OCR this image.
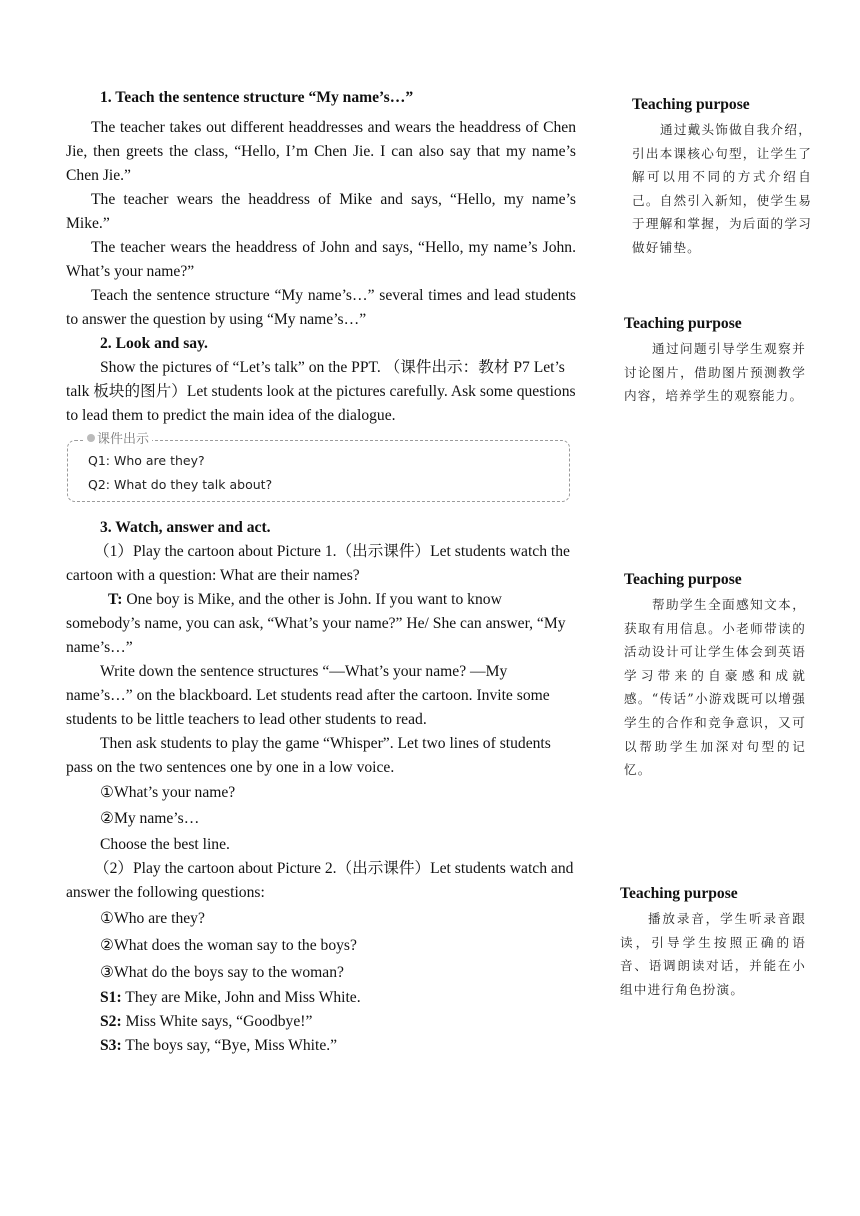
1. Teach the sentence structure “My name’s…”

The teacher takes out different headdresses and wears the headdress of Chen Jie, then greets the class, “Hello, I’m Chen Jie. I can also say that my name’s Chen Jie.”

The teacher wears the headdress of Mike and says, “Hello, my name’s Mike.”

The teacher wears the headdress of John and says, “Hello, my name’s John. What’s your name?”

Teach the sentence structure “My name’s…” several times and lead students to answer the question by using “My name’s…”

2. Look and say.

Show the pictures of “Let’s talk” on the PPT. （课件出示：教材 P7 Let’s talk 板块的图片）Let students look at the pictures carefully. Ask some questions to lead them to predict the main idea of the dialogue.

课件出示
Q1: Who are they?
Q2: What do they talk about?

3. Watch, answer and act.

（1）Play the cartoon about Picture 1.（出示课件）Let students watch the cartoon with a question: What are their names?

T: One boy is Mike, and the other is John. If you want to know somebody’s name, you can ask, “What’s your name?” He/ She can answer, “My name’s…”

Write down the sentence structures “—What’s your name? —My name’s…” on the blackboard. Let students read after the cartoon. Invite some students to be little teachers to lead other students to read.

Then ask students to play the game “Whisper”. Let two lines of students pass on the two sentences one by one in a low voice.

①What’s your name?

②My name’s…

Choose the best line.

（2）Play the cartoon about Picture 2.（出示课件）Let students watch and answer the following questions:

①Who are they?

②What does the woman say to the boys?

③What do the boys say to the woman?

S1: They are Mike, John and Miss White.

S2: Miss White says, “Goodbye!”

S3: The boys say, “Bye, Miss White.”

Teaching purpose

通过戴头饰做自我介绍，引出本课核心句型，让学生了解可以用不同的方式介绍自己。自然引入新知，使学生易于理解和掌握，为后面的学习做好铺垫。

Teaching purpose

通过问题引导学生观察并讨论图片，借助图片预测教学内容，培养学生的观察能力。

Teaching purpose

帮助学生全面感知文本，获取有用信息。小老师带读的活动设计可让学生体会到英语学习带来的自豪感和成就感。“传话”小游戏既可以增强学生的合作和竞争意识，又可以帮助学生加深对句型的记忆。

Teaching purpose

播放录音，学生听录音跟读，引导学生按照正确的语音、语调朗读对话，并能在小组中进行角色扮演。
